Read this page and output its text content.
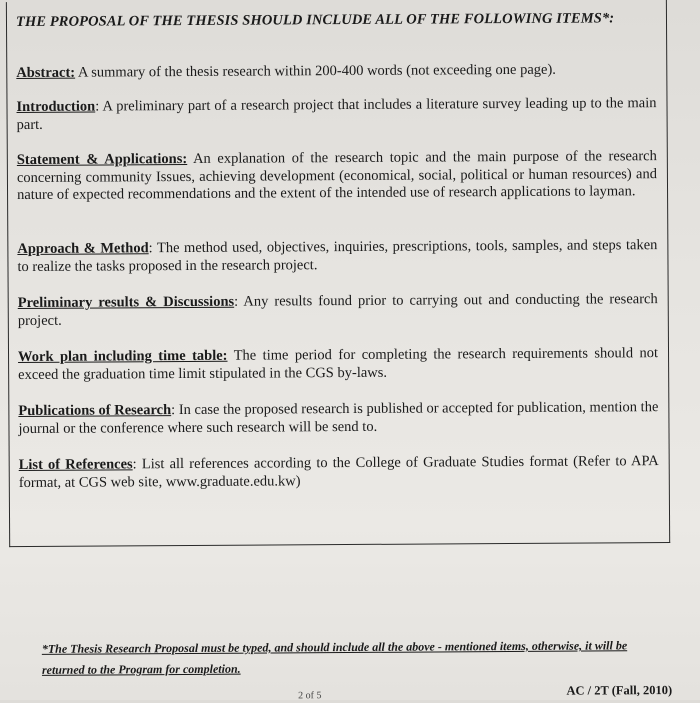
THE PROPOSAL OF THE THESIS SHOULD INCLUDE ALL OF THE FOLLOWING ITEMS*:
Abstract: A summary of the thesis research within 200-400 words (not exceeding one page).
Introduction: A preliminary part of a research project that includes a literature survey leading up to the main part.
Statement & Applications: An explanation of the research topic and the main purpose of the research concerning community Issues, achieving development (economical, social, political or human resources) and nature of expected recommendations and the extent of the intended use of research applications to layman.
Approach & Method: The method used, objectives, inquiries, prescriptions, tools, samples, and steps taken to realize the tasks proposed in the research project.
Preliminary results & Discussions: Any results found prior to carrying out and conducting the research project.
Work plan including time table: The time period for completing the research requirements should not exceed the graduation time limit stipulated in the CGS by-laws.
Publications of Research: In case the proposed research is published or accepted for publication, mention the journal or the conference where such research will be send to.
List of References: List all references according to the College of Graduate Studies format (Refer to APA format, at CGS web site, www.graduate.edu.kw)
*The Thesis Research Proposal must be typed, and should include all the above - mentioned items, otherwise, it will be returned to the Program for completion.
2 of 5	AC / 2T (Fall, 2010)
